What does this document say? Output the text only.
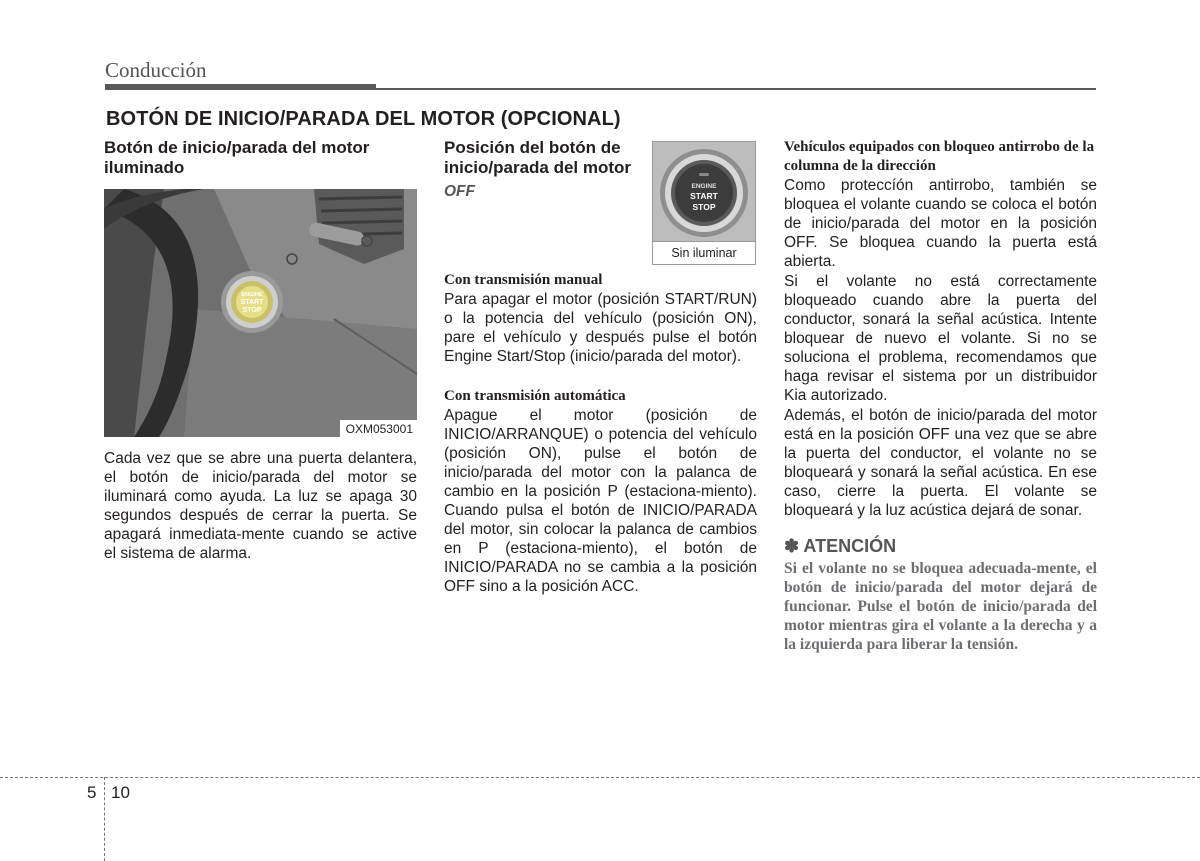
Conducción
BOTÓN DE INICIO/PARADA DEL MOTOR (OPCIONAL)

Botón de inicio/parada del motor iluminado

ENGINE
START
STOP
OXM053001

Cada vez que se abre una puerta delantera, el botón de inicio/parada del motor se iluminará como ayuda. La luz se apaga 30 segundos después de cerrar la puerta. Se apagará inmediata-mente cuando se active el sistema de alarma.

Posición del botón de inicio/parada del motor

OFF	ENGINE
START
STOP
Sin iluminar

Con transmisión manual

Para apagar el motor (posición START/RUN) o la potencia del vehículo (posición ON), pare el vehículo y después pulse el botón Engine Start/Stop (inicio/parada del motor).

Con transmisión automática

Apague el motor (posición de INICIO/ARRANQUE) o potencia del vehículo (posición ON), pulse el botón de inicio/parada del motor con la palanca de cambio en la posición P (estaciona-miento). Cuando pulsa el botón de INICIO/PARADA del motor, sin colocar la palanca de cambios en P (estaciona-miento), el botón de INICIO/PARADA no se cambia a la posición OFF sino a la posición ACC.

Vehículos equipados con bloqueo antirrobo de la columna de la dirección

Como proteccíón antirrobo, también se bloquea el volante cuando se coloca el botón de inicio/parada del motor en la posición OFF. Se bloquea cuando la puerta está abierta.

Si el volante no está correctamente bloqueado cuando abre la puerta del conductor, sonará la señal acústica. Intente bloquear de nuevo el volante. Si no se soluciona el problema, recomendamos que haga revisar el sistema por un distribuidor Kia autorizado.

Además, el botón de inicio/parada del motor está en la posición OFF una vez que se abre la puerta del conductor, el volante no se bloqueará y sonará la señal acústica. En ese caso, cierre la puerta. El volante se bloqueará y la luz acústica dejará de sonar.

✽ ATENCIÓN

Si el volante no se bloquea adecuada-mente, el botón de inicio/parada del motor dejará de funcionar. Pulse el botón de inicio/parada del motor mientras gira el volante a la derecha y a la izquierda para liberar la tensión.

5 10
